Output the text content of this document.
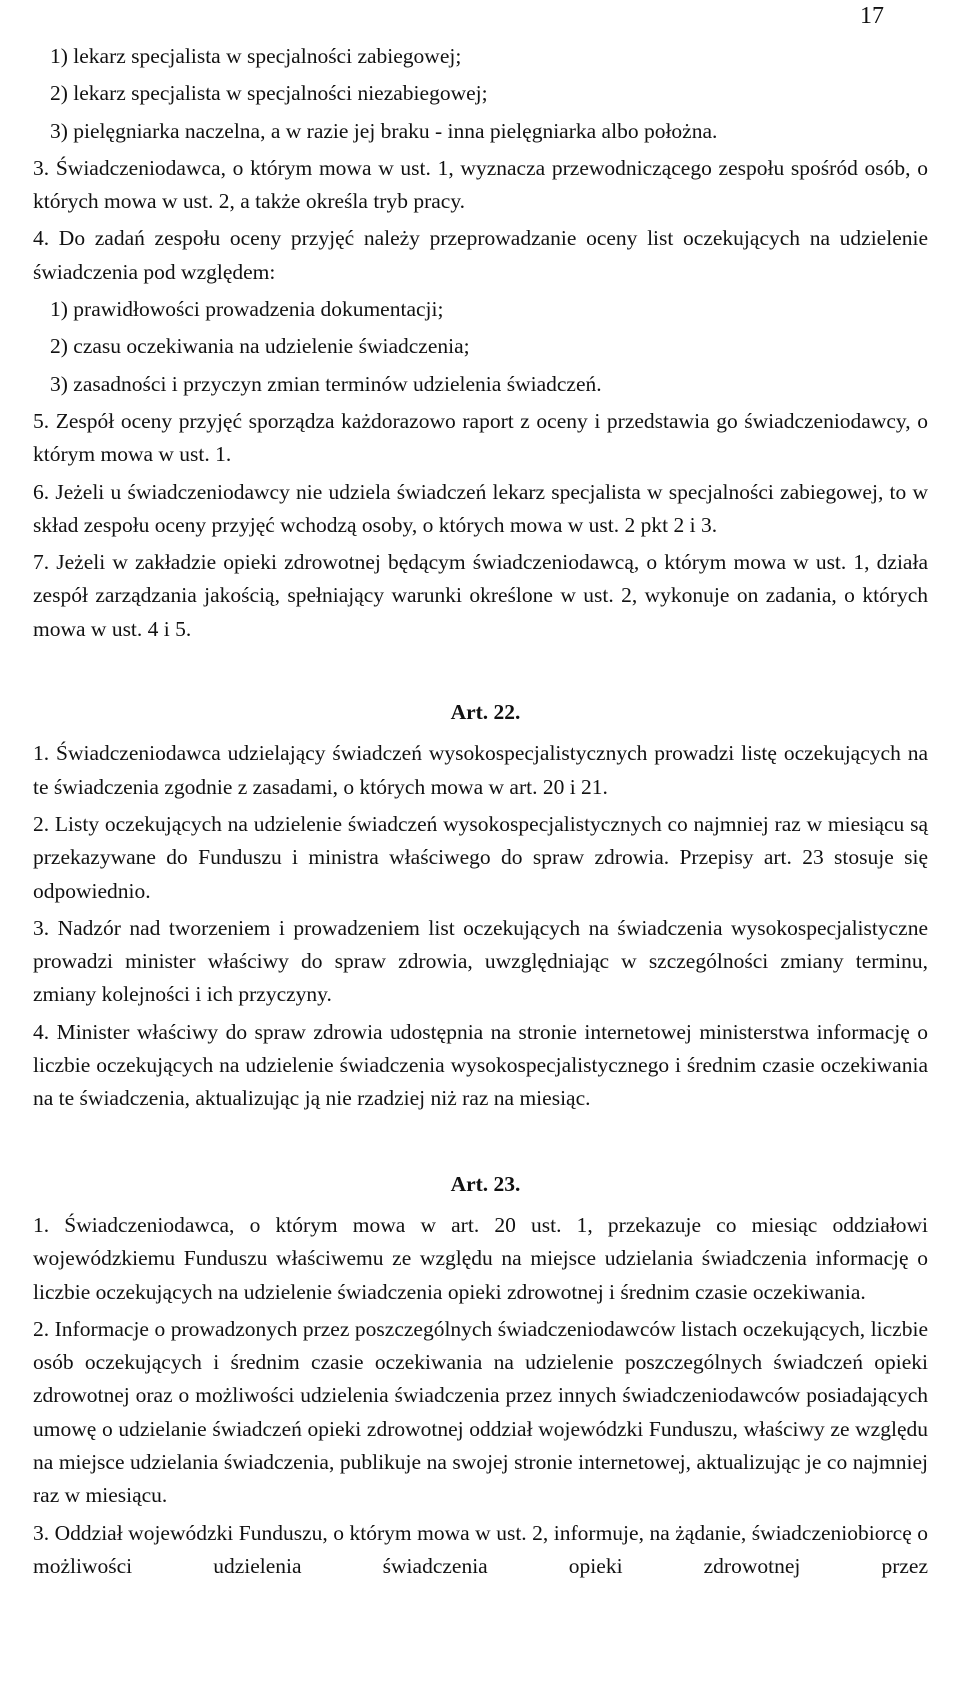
17
1) lekarz specjalista w specjalności zabiegowej;
2) lekarz specjalista w specjalności niezabiegowej;
3) pielęgniarka naczelna, a w razie jej braku - inna pielęgniarka albo położna.

3. Świadczeniodawca, o którym mowa w ust. 1, wyznacza przewodniczącego zespołu spośród osób, o których mowa w ust. 2, a także określa tryb pracy.

4. Do zadań zespołu oceny przyjęć należy przeprowadzanie oceny list oczekujących na udzielenie świadczenia pod względem:

1) prawidłowości prowadzenia dokumentacji;
2) czasu oczekiwania na udzielenie świadczenia;
3) zasadności i przyczyn zmian terminów udzielenia świadczeń.

5. Zespół oceny przyjęć sporządza każdorazowo raport z oceny i przedstawia go świadczeniodawcy, o którym mowa w ust. 1.

6. Jeżeli u świadczeniodawcy nie udziela świadczeń lekarz specjalista w specjalności zabiegowej, to w skład zespołu oceny przyjęć wchodzą osoby, o których mowa w ust. 2 pkt 2 i 3.

7. Jeżeli w zakładzie opieki zdrowotnej będącym świadczeniodawcą, o którym mowa w ust. 1, działa zespół zarządzania jakością, spełniający warunki określone w ust. 2, wykonuje on zadania, o których mowa w ust. 4 i 5.

Art. 22.

1. Świadczeniodawca udzielający świadczeń wysokospecjalistycznych prowadzi listę oczekujących na te świadczenia zgodnie z zasadami, o których mowa w art. 20 i 21.

2. Listy oczekujących na udzielenie świadczeń wysokospecjalistycznych co najmniej raz w miesiącu są przekazywane do Funduszu i ministra właściwego do spraw zdrowia. Przepisy art. 23 stosuje się odpowiednio.

3. Nadzór nad tworzeniem i prowadzeniem list oczekujących na świadczenia wysokospecjalistyczne prowadzi minister właściwy do spraw zdrowia, uwzględniając w szczególności zmiany terminu, zmiany kolejności i ich przyczyny.

4. Minister właściwy do spraw zdrowia udostępnia na stronie internetowej ministerstwa informację o liczbie oczekujących na udzielenie świadczenia wysokospecjalistycznego i średnim czasie oczekiwania na te świadczenia, aktualizując ją nie rzadziej niż raz na miesiąc.

Art. 23.

1. Świadczeniodawca, o którym mowa w art. 20 ust. 1, przekazuje co miesiąc oddziałowi wojewódzkiemu Funduszu właściwemu ze względu na miejsce udzielania świadczenia informację o liczbie oczekujących na udzielenie świadczenia opieki zdrowotnej i średnim czasie oczekiwania.

2. Informacje o prowadzonych przez poszczególnych świadczeniodawców listach oczekujących, liczbie osób oczekujących i średnim czasie oczekiwania na udzielenie poszczególnych świadczeń opieki zdrowotnej oraz o możliwości udzielenia świadczenia przez innych świadczeniodawców posiadających umowę o udzielanie świadczeń opieki zdrowotnej oddział wojewódzki Funduszu, właściwy ze względu na miejsce udzielania świadczenia, publikuje na swojej stronie internetowej, aktualizując je co najmniej raz w miesiącu.

3. Oddział wojewódzki Funduszu, o którym mowa w ust. 2, informuje, na żądanie, świadczeniobiorcę o możliwości udzielenia świadczenia opieki zdrowotnej przez
